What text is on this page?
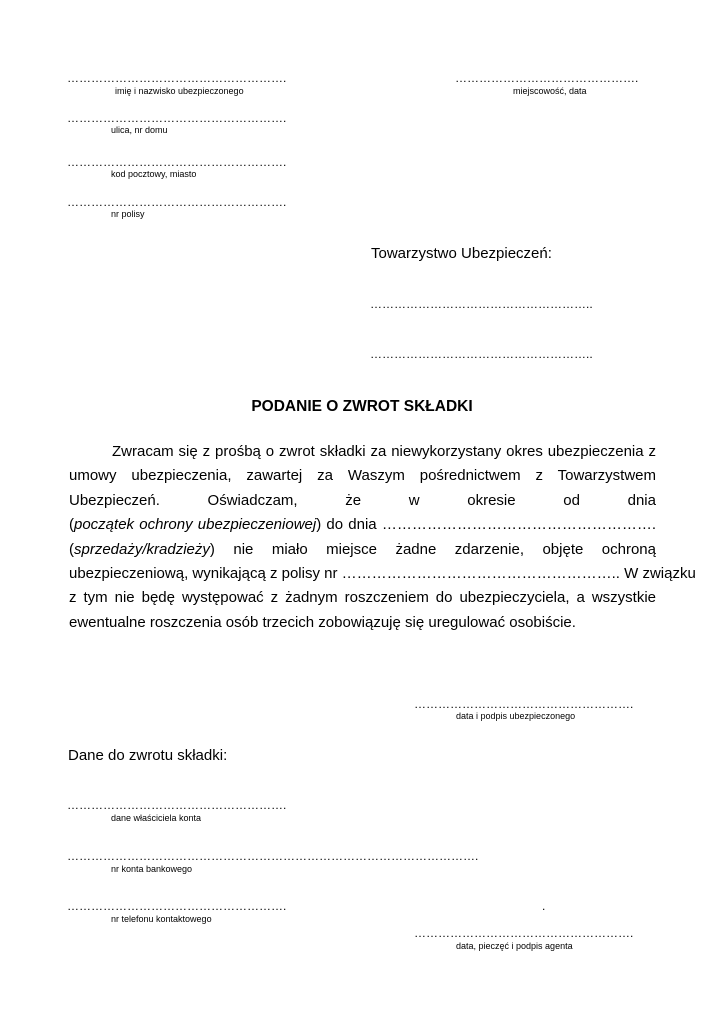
……………………………………………….
imię i nazwisko ubezpieczonego
……………………………………….
miejscowość, data
……………………………………………….
ulica, nr domu
……………………………………………….
kod pocztowy, miasto
……………………………………………….
nr polisy
Towarzystwo Ubezpieczeń:
………………………………………………..
………………………………………………..
PODANIE O ZWROT SKŁADKI
Zwracam się z prośbą o zwrot składki za niewykorzystany okres ubezpieczenia z
umowy ubezpieczenia, zawartej za Waszym pośrednictwem z Towarzystwem
Ubezpieczeń. Oświadczam, że w okresie od dnia
(początek ochrony ubezpieczeniowej) do dnia ……………………………………………….
(sprzedaży/kradzieży) nie miało miejsce żadne zdarzenie, objęte ochroną
ubezpieczeniową, wynikającą z polisy nr ……………………………………………….. W związku
z tym nie będę występować z żadnym roszczeniem do ubezpieczyciela, a wszystkie
ewentualne roszczenia osób trzecich zobowiązuję się uregulować osobiście.
……………………………………………….
data i podpis ubezpieczonego
Dane do zwrotu składki:
……………………………………………….
dane właściciela konta
………………………………………………………………………………………….
nr konta bankowego
……………………………………………….
nr telefonu kontaktowego
.
……………………………………………….
data, pieczęć i podpis agenta
